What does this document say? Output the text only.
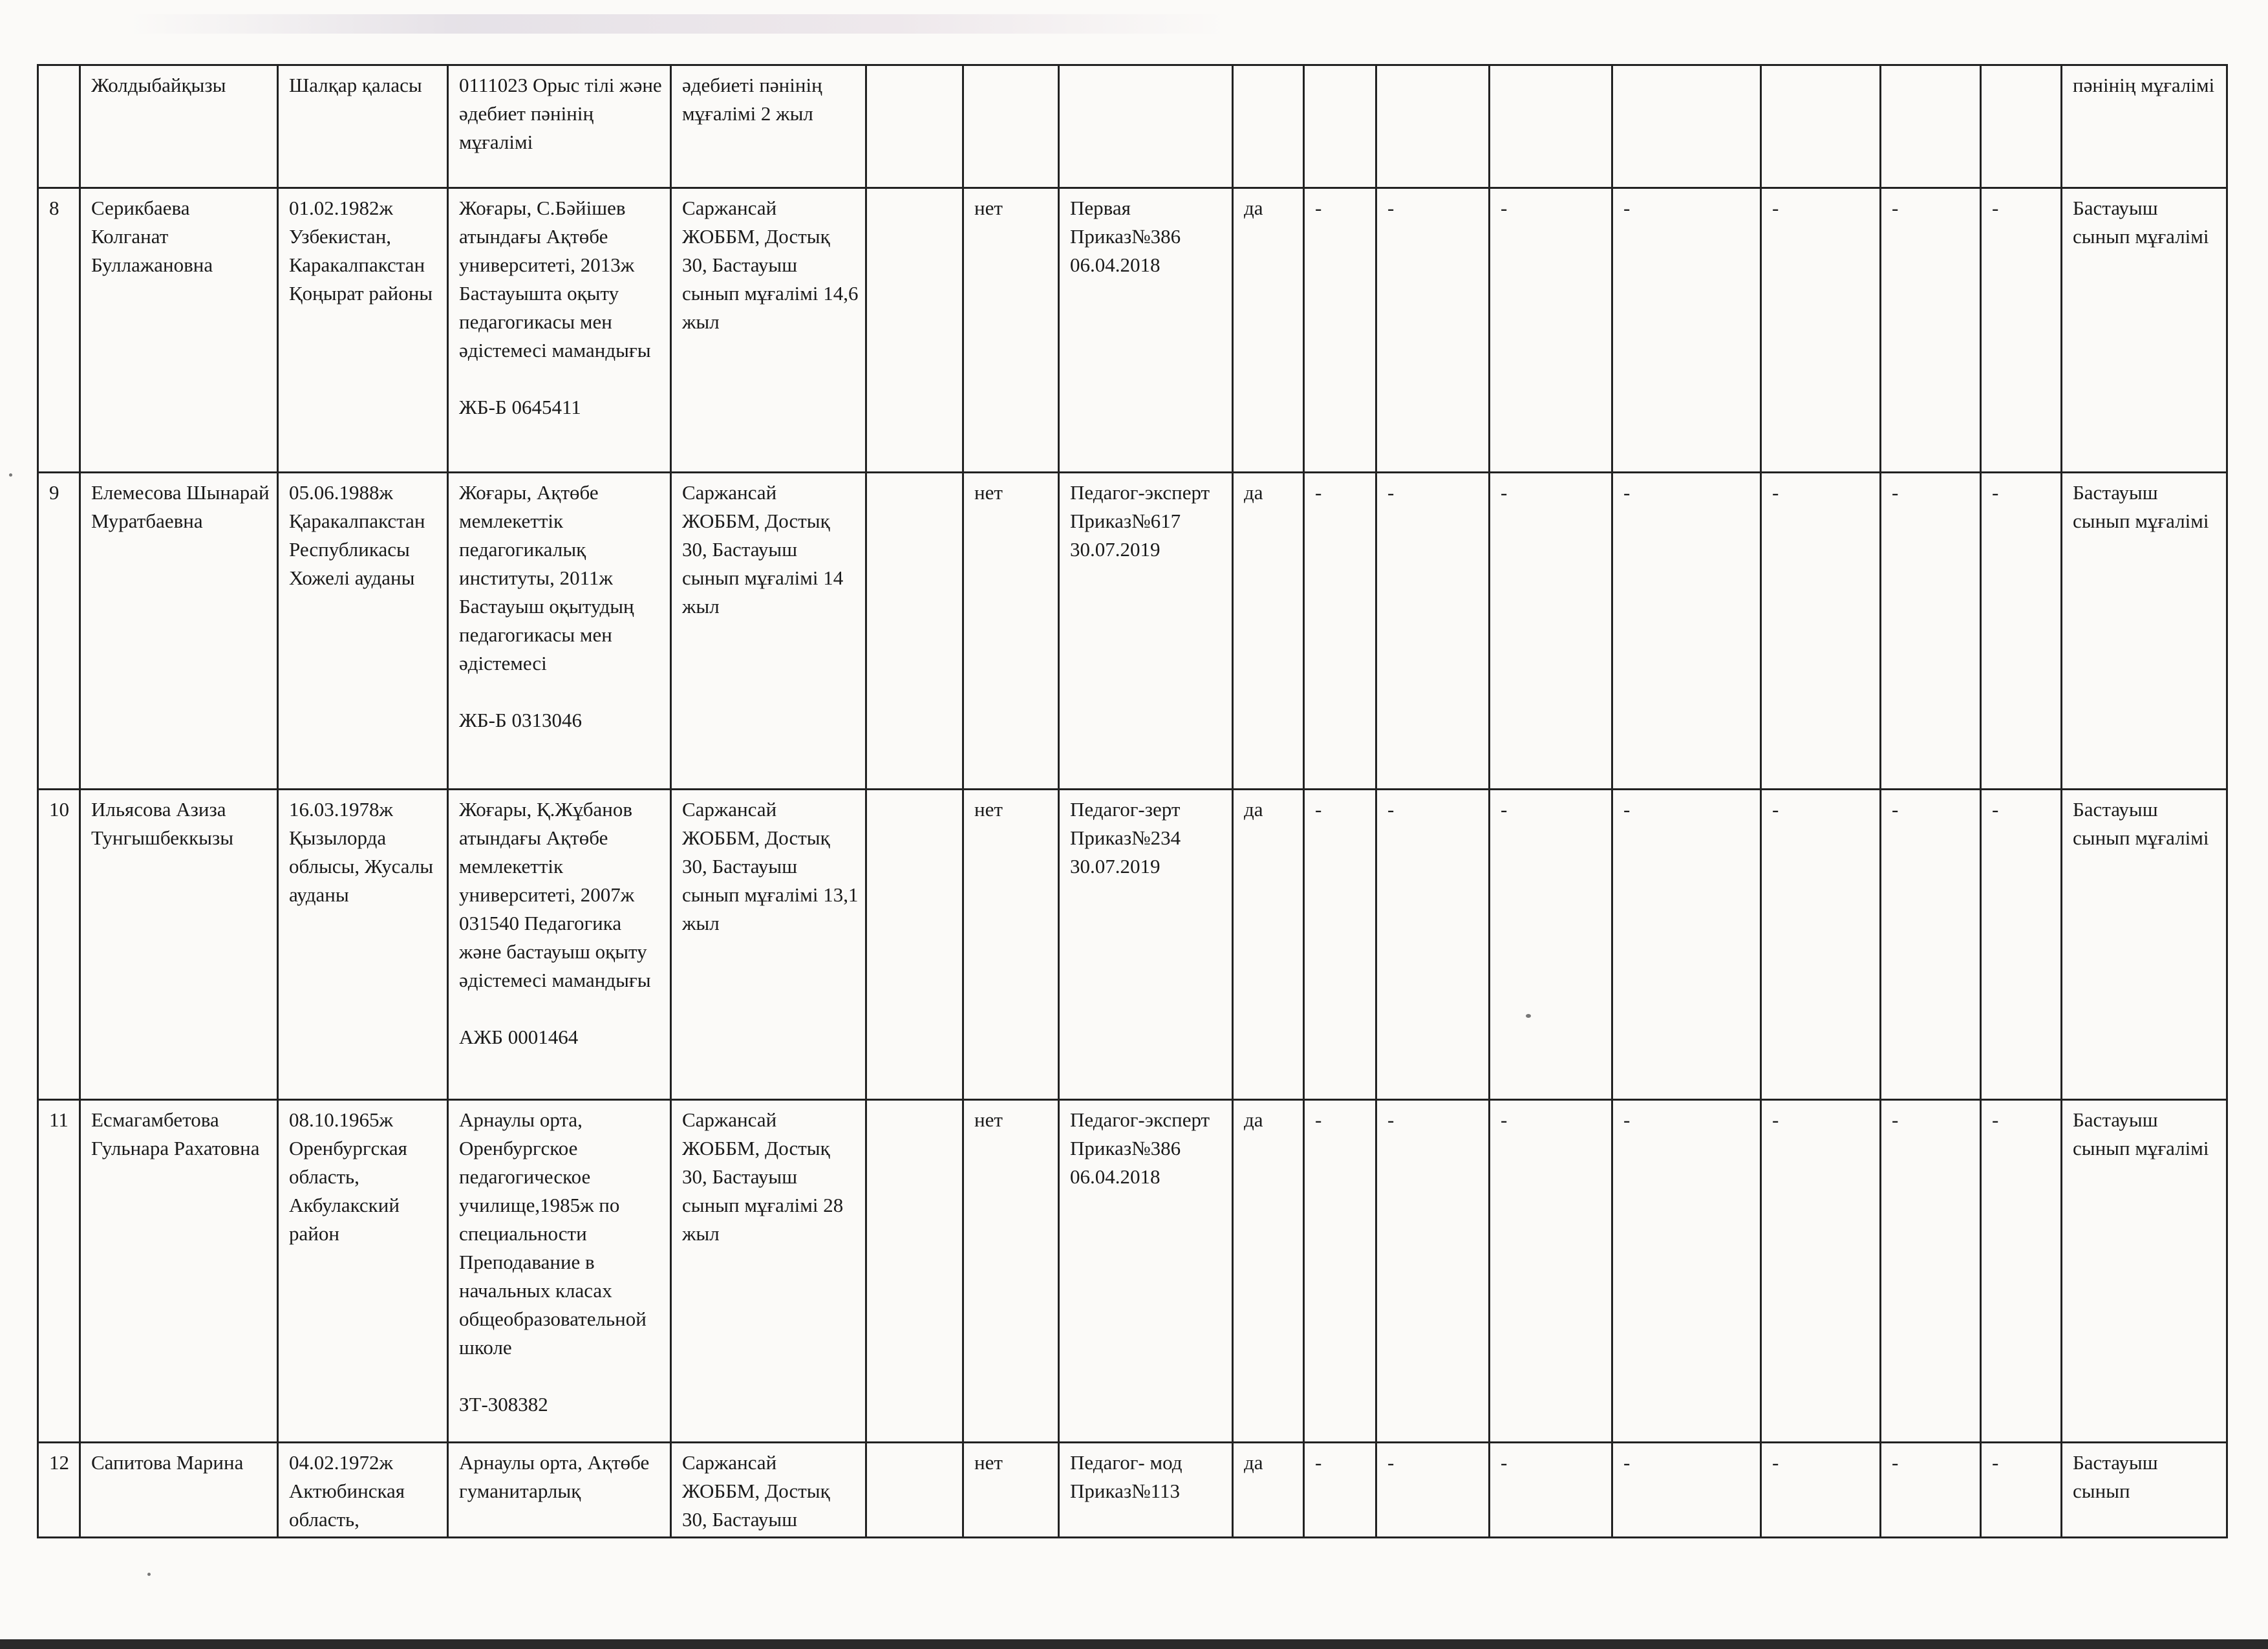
	Жолдыбайқызы	Шалқар қаласы	0111023 Орыс тілі және әдебиет пәнінің мұғалімі	әдебиеті пәнінің мұғалімі 2 жыл												пәнінің мұғалімі
8	Серикбаева Колганат Буллажановна	01.02.1982ж Узбекистан, Каракалпакстан Қоңырат районы	Жоғары, С.Бәйішев атындағы Ақтөбе университеті, 2013ж Бастауышта оқыту педагогикасы мен әдістемесі мамандығы

ЖБ-Б 0645411	Саржансай ЖОББМ, Достық 30, Бастауыш сынып мұғалімі 14,6 жыл		нет	Первая Приказ№386 06.04.2018	да	-	-	-	-	-	-	-	Бастауыш сынып мұғалімі
9	Елемесова Шынарай Муратбаевна	05.06.1988ж Қаракалпакстан Республикасы Хожелі ауданы	Жоғары, Ақтөбе мемлекеттік педагогикалық институты, 2011ж Бастауыш оқытудың педагогикасы мен әдістемесі

ЖБ-Б 0313046	Саржансай ЖОББМ, Достық 30, Бастауыш сынып мұғалімі 14 жыл		нет	Педагог-эксперт Приказ№617 30.07.2019	да	-	-	-	-	-	-	-	Бастауыш сынып мұғалімі
10	Ильясова Азиза Тунгышбеккызы	16.03.1978ж Қызылорда облысы, Жусалы ауданы	Жоғары, Қ.Жұбанов атындағы Ақтөбе мемлекеттік университеті, 2007ж 031540 Педагогика және бастауыш оқыту әдістемесі мамандығы

АЖБ 0001464	Саржансай ЖОББМ, Достық 30, Бастауыш сынып мұғалімі 13,1 жыл		нет	Педагог-зерт Приказ№234 30.07.2019	да	-	-	-	-	-	-	-	Бастауыш сынып мұғалімі
11	Есмагамбетова Гульнара Рахатовна	08.10.1965ж Оренбургская область, Акбулакский район	Арнаулы орта, Оренбургское педагогическое училище,1985ж по специальности Преподавание в начальных класах общеобразовательной школе

ЗТ-308382	Саржансай ЖОББМ, Достық 30, Бастауыш сынып мұғалімі 28 жыл		нет	Педагог-эксперт Приказ№386 06.04.2018	да	-	-	-	-	-	-	-	Бастауыш сынып мұғалімі
12	Сапитова Марина	04.02.1972ж Актюбинская область,	Арнаулы орта, Ақтөбе гуманитарлық	Саржансай ЖОББМ, Достық 30, Бастауыш		нет	Педагог- мод Приказ№113	да	-	-	-	-	-	-	-	Бастауыш сынып
